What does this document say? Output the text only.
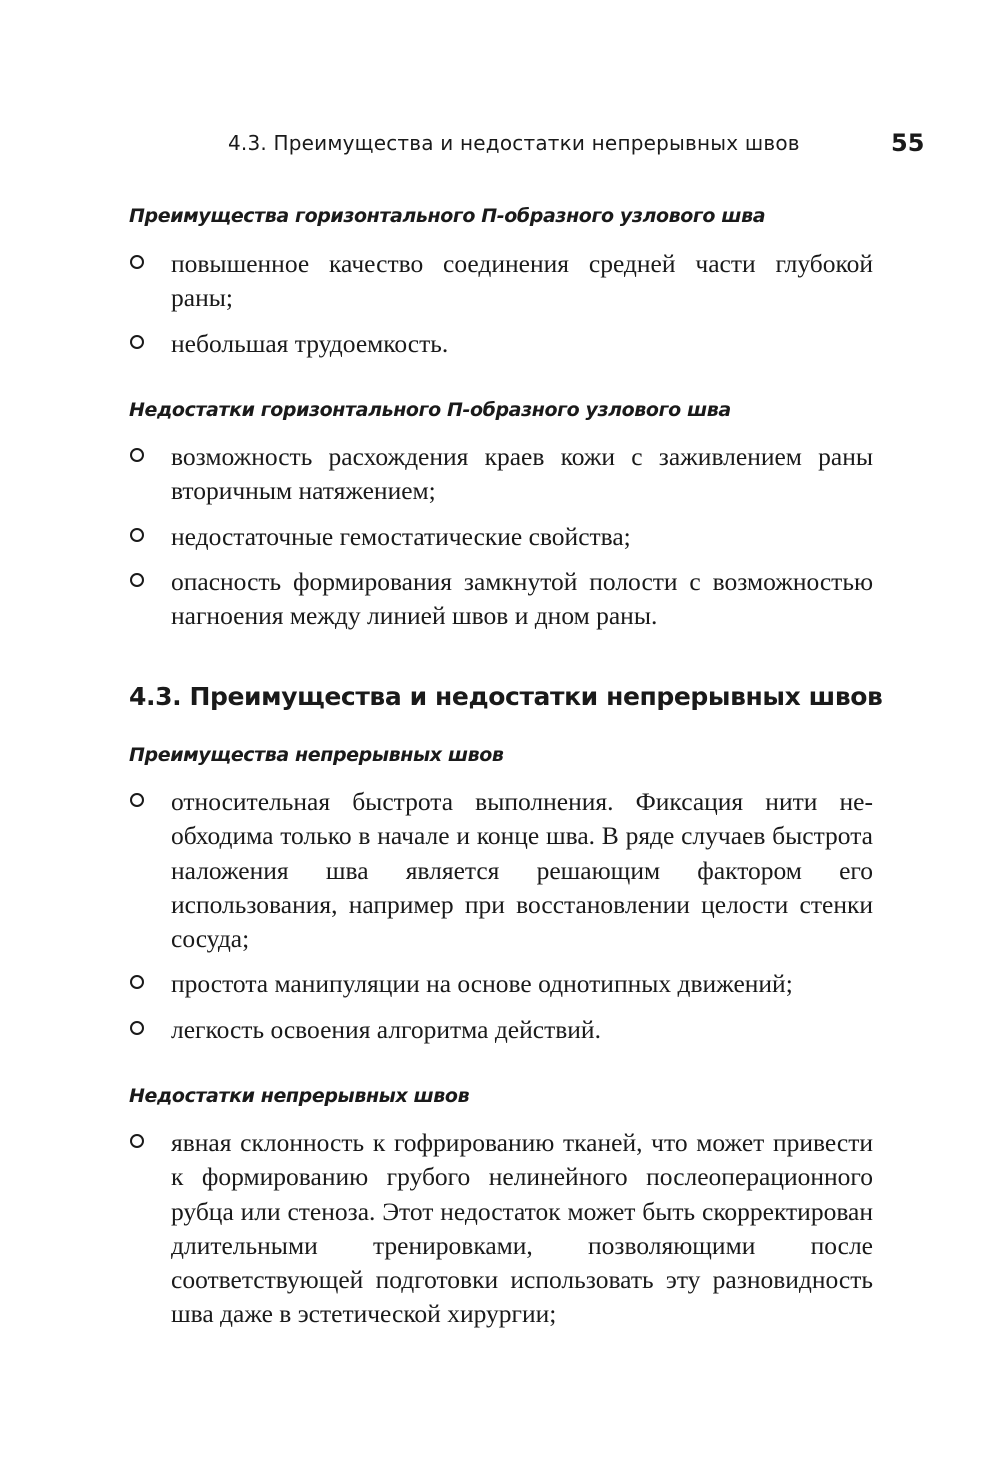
4.3. Преимущества и недостатки непрерывных швов	55
Преимущества горизонтального П-образного узлового шва
повышенное качество соединения средней части глубокой раны;
небольшая трудоемкость.
Недостатки горизонтального П-образного узлового шва
возможность расхождения краев кожи с заживлением раны вторичным натяжением;
недостаточные гемостатические свойства;
опасность формирования замкнутой полости с возможностью нагноения между линией швов и дном раны.
4.3. Преимущества и недостатки непрерывных швов
Преимущества непрерывных швов
относительная быстрота выполнения. Фиксация нити необходима только в начале и конце шва. В ряде случаев быстрота наложения шва является решающим фактором его использования, например при восстановлении целости стенки сосуда;
простота манипуляции на основе однотипных движений;
легкость освоения алгоритма действий.
Недостатки непрерывных швов
явная склонность к гофрированию тканей, что может привести к формированию грубого нелинейного послеоперационного рубца или стеноза. Этот недостаток может быть скорректирован длительными тренировками, позволяющими после соответствующей подготовки использовать эту разновидность шва даже в эстетической хирургии;
